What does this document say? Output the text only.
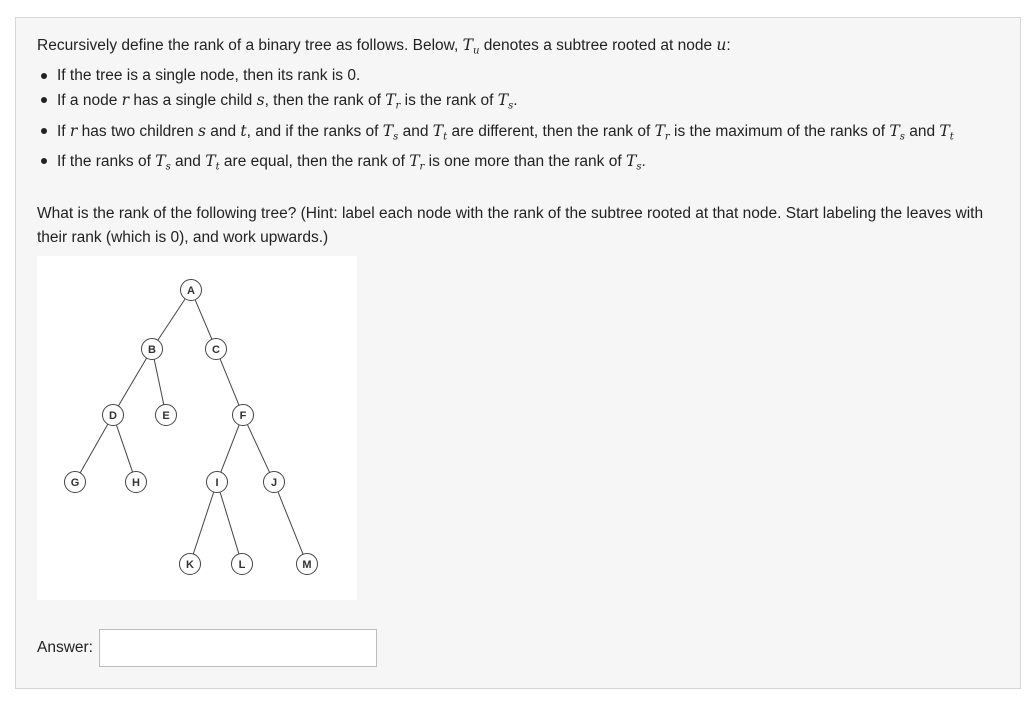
Recursively define the rank of a binary tree as follows. Below, $T_u$ denotes a subtree rooted at node u:
If the tree is a single node, then its rank is 0.
If a node r has a single child s, then the rank of $T_r$ is the rank of $T_s$.
If r has two children s and t, and if the ranks of $T_s$ and $T_t$ are different, then the rank of $T_r$ is the maximum of the ranks of $T_s$ and $T_t$
If the ranks of $T_s$ and $T_t$ are equal, then the rank of $T_r$ is one more than the rank of $T_s$.
What is the rank of the following tree? (Hint: label each node with the rank of the subtree rooted at that node. Start labeling the leaves with their rank (which is 0), and work upwards.)
A
B	C
D	E	F
G	H	I	J
K	L	M
Answer:
